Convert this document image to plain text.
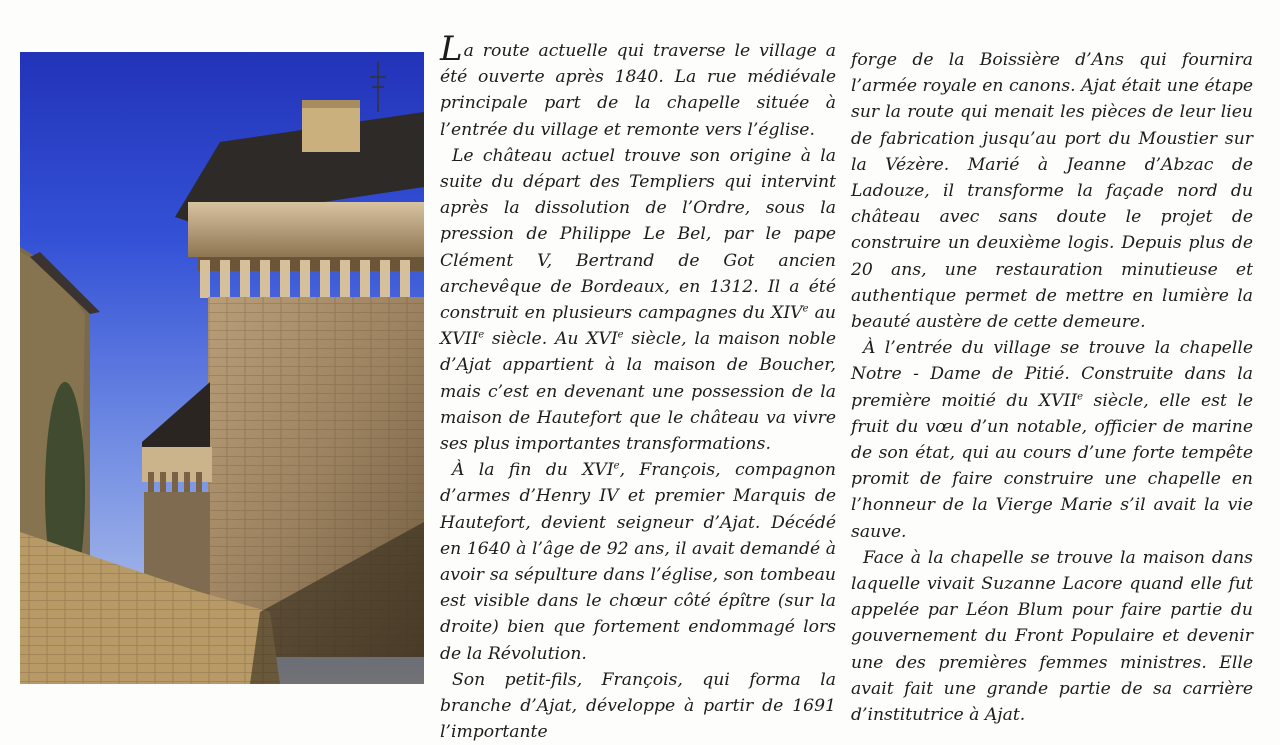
La route actuelle qui traverse le village a été ouverte après 1840. La rue médiévale principale part de la chapelle située à l’entrée du village et remonte vers l’église.

Le château actuel trouve son origine à la suite du départ des Templiers qui intervint après la dissolution de l’Ordre, sous la pression de Philippe Le Bel, par le pape Clément V, Bertrand de Got ancien archevêque de Bordeaux, en 1312. Il a été construit en plusieurs campagnes du XIVe au XVIIe siècle. Au XVIe siècle, la maison noble d’Ajat appartient à la maison de Boucher, mais c’est en devenant une possession de la maison de Hautefort que le château va vivre ses plus importantes transformations.

À la fin du XVIe, François, compagnon d’armes d’Henry IV et premier Marquis de Hautefort, devient seigneur d’Ajat. Décédé en 1640 à l’âge de 92 ans, il avait demandé à avoir sa sépulture dans l’église, son tombeau est visible dans le chœur côté épître (sur la droite) bien que fortement endommagé lors de la Révolution.

Son petit-fils, François, qui forma la branche d’Ajat, développe à partir de 1691 l’importante

forge de la Boissière d’Ans qui fournira l’armée royale en canons. Ajat était une étape sur la route qui menait les pièces de leur lieu de fabrication jusqu’au port du Moustier sur la Vézère. Marié à Jeanne d’Abzac de Ladouze, il transforme la façade nord du château avec sans doute le projet de construire un deuxième logis. Depuis plus de 20 ans, une restauration minutieuse et authentique permet de mettre en lumière la beauté austère de cette demeure.

À l’entrée du village se trouve la chapelle Notre - Dame de Pitié. Construite dans la première moitié du XVIIe siècle, elle est le fruit du vœu d’un notable, officier de marine de son état, qui au cours d’une forte tempête promit de faire construire une chapelle en l’honneur de la Vierge Marie s’il avait la vie sauve.

Face à la chapelle se trouve la maison dans laquelle vivait Suzanne Lacore quand elle fut appelée par Léon Blum pour faire partie du gouvernement du Front Populaire et devenir une des premières femmes ministres. Elle avait fait une grande partie de sa carrière d’institutrice à Ajat.
